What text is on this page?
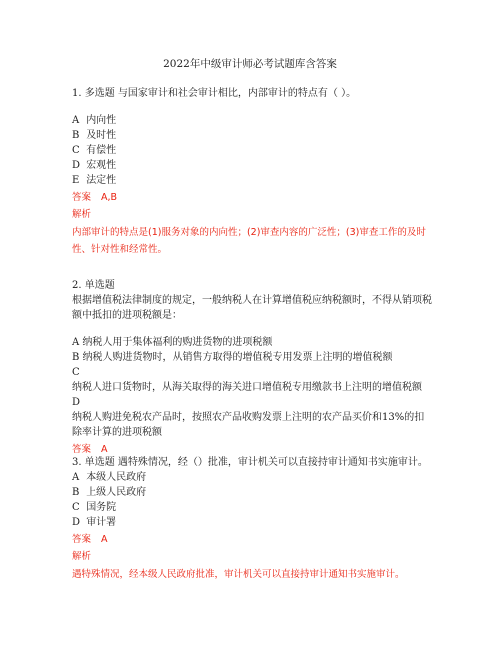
2022年中级审计师必考试题库含答案
1. 多选题 与国家审计和社会审计相比，内部审计的特点有（ ）。
A 内向性
B 及时性
C 有偿性
D 宏观性
E 法定性
答案 A,B
解析
内部审计的特点是(1)服务对象的内向性；(2)审查内容的广泛性；(3)审查工作的及时性、针对性和经常性。
2. 单选题
根据增值税法律制度的规定，一般纳税人在计算增值税应纳税额时，不得从销项税额中抵扣的进项税额是：
A 纳税人用于集体福利的购进货物的进项税额
B 纳税人购进货物时，从销售方取得的增值税专用发票上注明的增值税额
C
纳税人进口货物时，从海关取得的海关进口增值税专用缴款书上注明的增值税额
D
纳税人购进免税农产品时，按照农产品收购发票上注明的农产品买价和13%的扣除率计算的进项税额
答案 A
3. 单选题 遇特殊情况，经（）批准，审计机关可以直接持审计通知书实施审计。
A 本级人民政府
B 上级人民政府
C 国务院
D 审计署
答案 A
解析
遇特殊情况，经本级人民政府批准，审计机关可以直接持审计通知书实施审计。
